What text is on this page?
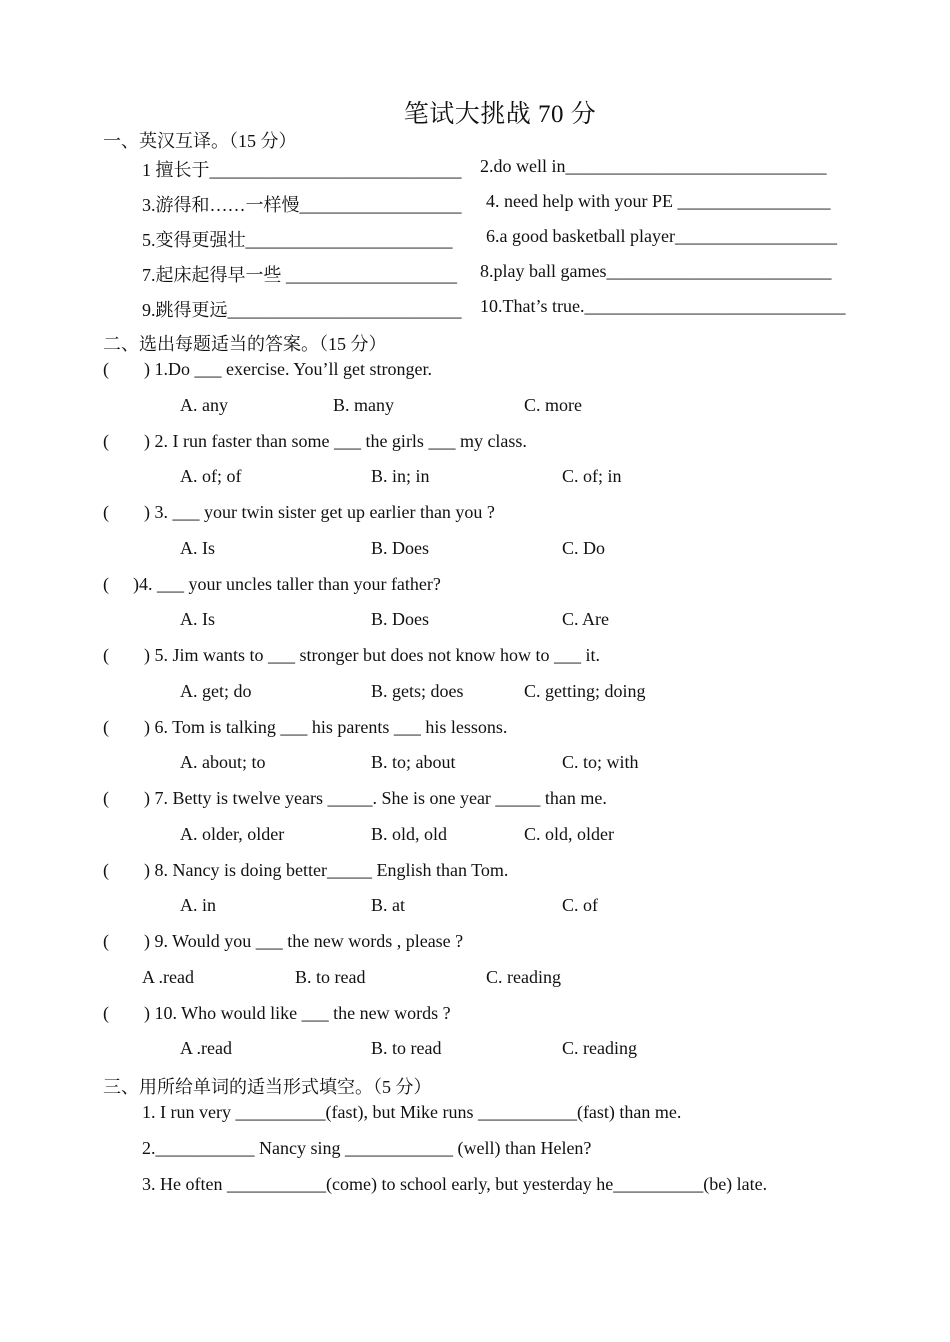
笔试大挑战 70 分
一、英汉互译。（15 分）
1 擅长于____________________________ 2.do well in_____________________________
3.游得和……一样慢__________________ 4. need help with your PE _________________
5.变得更强壮_______________________ 6.a good basketball player__________________
7.起床起得早一些 ___________________ 8.play ball games_________________________
9.跳得更远__________________________ 10.That’s true._____________________________
二、选出每题适当的答案。（15 分）
( ) 1.Do ___ exercise. You’ll get stronger.
A. any	B. many	C. more
( ) 2. I run faster than some ___ the girls ___ my class.
A. of; of	B. in; in	C. of; in
( ) 3. ___ your twin sister get up earlier than you ?
A. Is	B. Does	C. Do
( )4. ___ your uncles taller than your father?
A. Is	B. Does	C. Are
( ) 5. Jim wants to ___ stronger but does not know how to ___ it.
A. get; do	B. gets; does	C. getting; doing
( ) 6. Tom is talking ___ his parents ___ his lessons.
A. about; to	B. to; about	C. to; with
( ) 7. Betty is twelve years _____. She is one year _____ than me.
A. older, older	B. old, old	C. old, older
( ) 8. Nancy is doing better_____ English than Tom.
A. in	B. at	C. of
( ) 9. Would you ___ the new words , please ?
A .read	B. to read	C. reading
( ) 10. Who would like ___ the new words ?
A .read	B. to read	C. reading
三、用所给单词的适当形式填空。（5 分）
1. I run very __________(fast), but Mike runs ___________(fast) than me.
2.___________ Nancy sing ____________ (well) than Helen?
3. He often ___________(come) to school early, but yesterday he__________(be) late.
